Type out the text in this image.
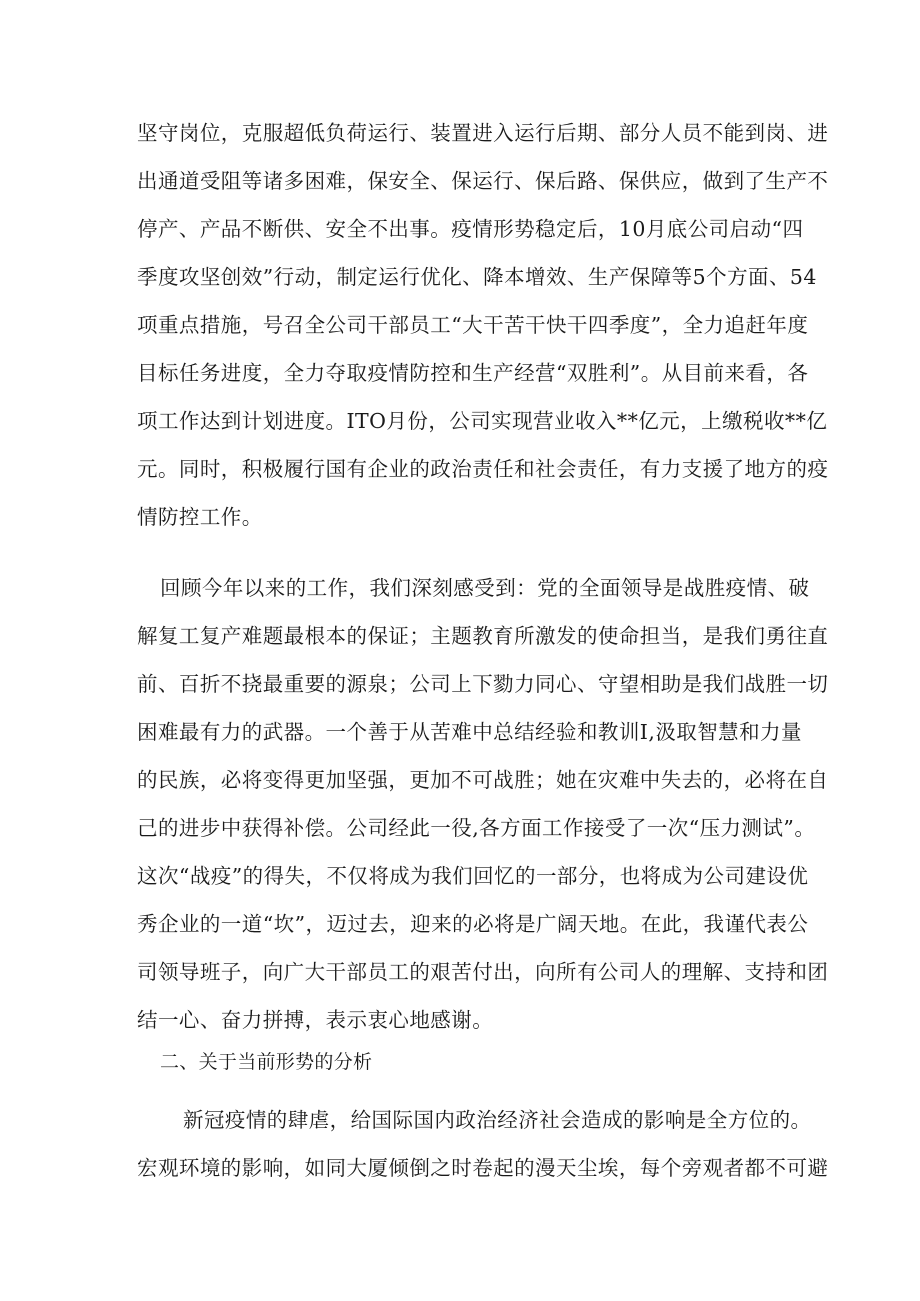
坚守岗位，克服超低负荷运行、装置进入运行后期、部分人员不能到岗、进

出通道受阻等诸多困难，保安全、保运行、保后路、保供应，做到了生产不

停产、产品不断供、安全不出事。疫情形势稳定后，10月底公司启动“四

季度攻坚创效”行动，制定运行优化、降本增效、生产保障等5个方面、54

项重点措施，号召全公司干部员工“大干苦干快干四季度”，全力追赶年度

目标任务进度，全力夺取疫情防控和生产经营“双胜利”。从目前来看，各

项工作达到计划进度。ITO月份，公司实现营业收入**亿元，上缴税收**亿

元。同时，积极履行国有企业的政治责任和社会责任，有力支援了地方的疫

情防控工作。

回顾今年以来的工作，我们深刻感受到：党的全面领导是战胜疫情、破

解复工复产难题最根本的保证；主题教育所激发的使命担当，是我们勇往直

前、百折不挠最重要的源泉；公司上下勠力同心、守望相助是我们战胜一切

困难最有力的武器。一个善于从苦难中总结经验和教训I,汲取智慧和力量

的民族，必将变得更加坚强，更加不可战胜；她在灾难中失去的，必将在自

己的进步中获得补偿。公司经此一役,各方面工作接受了一次“压力测试”。

这次“战疫”的得失，不仅将成为我们回忆的一部分，也将成为公司建设优

秀企业的一道“坎”，迈过去，迎来的必将是广阔天地。在此，我谨代表公

司领导班子，向广大干部员工的艰苦付出，向所有公司人的理解、支持和团

结一心、奋力拼搏，表示衷心地感谢。

二、关于当前形势的分析

新冠疫情的肆虐，给国际国内政治经济社会造成的影响是全方位的。

宏观环境的影响，如同大厦倾倒之时卷起的漫天尘埃，每个旁观者都不可避
